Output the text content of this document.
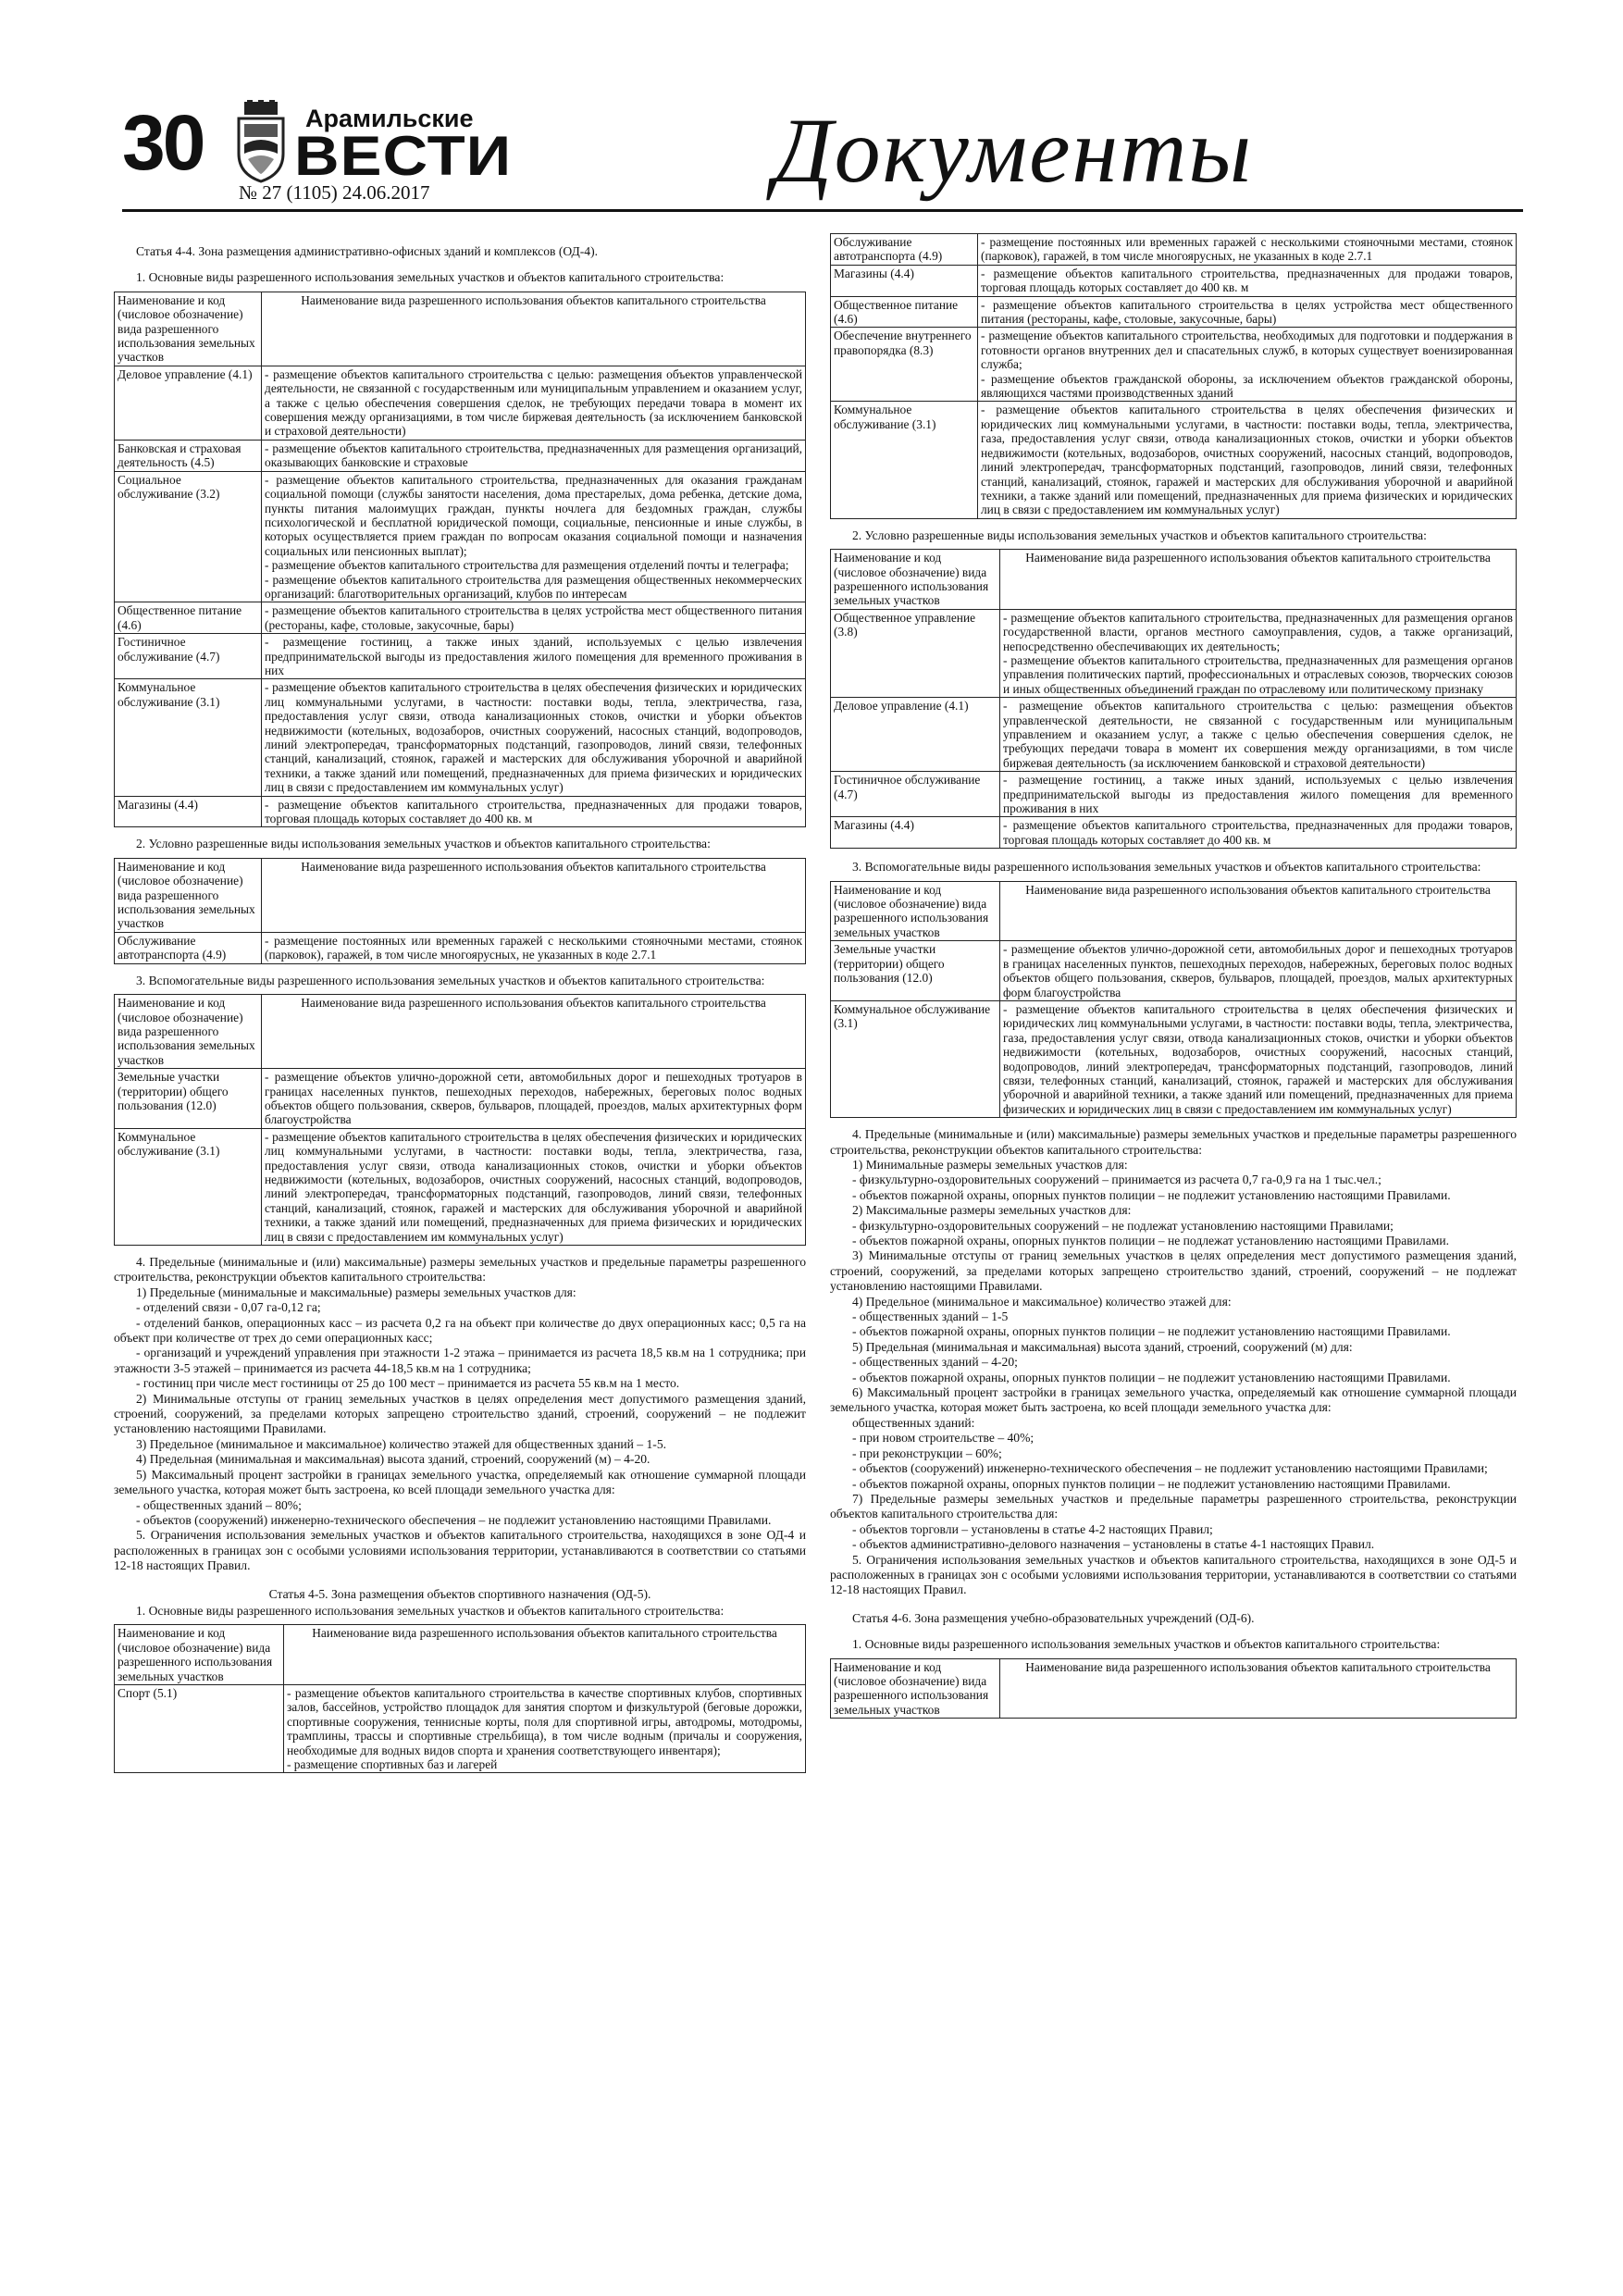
30	Арамильские
ВЕСТИ
№ 27 (1105) 24.06.2017	Документы

Статья 4-4. Зона размещения административно-офисных зданий и комплексов (ОД-4).

1. Основные виды разрешенного использования земельных участков и объектов капитального строительства:

Наименование и код (числовое обозначение) вида разрешенного использования земельных участков	Наименование вида разрешенного использования объектов капитального строительства
Деловое управление (4.1)	- размещение объектов капитального строительства с целью: размещения объектов управленческой деятельности, не связанной с государственным или муниципальным управлением и оказанием услуг, а также с целью обеспечения совершения сделок, не требующих передачи товара в момент их совершения между организациями, в том числе биржевая деятельность (за исключением банковской и страховой деятельности)
Банковская и страховая деятельность (4.5)	- размещение объектов капитального строительства, предназначенных для размещения организаций, оказывающих банковские и страховые
Социальное обслуживание (3.2)	- размещение объектов капитального строительства, предназначенных для оказания гражданам социальной помощи (службы занятости населения, дома престарелых, дома ребенка, детские дома, пункты питания малоимущих граждан, пункты ночлега для бездомных граждан, службы психологической и бесплатной юридической помощи, социальные, пенсионные и иные службы, в которых осуществляется прием граждан по вопросам оказания социальной помощи и назначения социальных или пенсионных выплат);
- размещение объектов капитального строительства для размещения отделений почты и телеграфа;
- размещение объектов капитального строительства для размещения общественных некоммерческих организаций: благотворительных организаций, клубов по интересам
Общественное питание (4.6)	- размещение объектов капитального строительства в целях устройства мест общественного питания (рестораны, кафе, столовые, закусочные, бары)
Гостиничное обслуживание (4.7)	- размещение гостиниц, а также иных зданий, используемых с целью извлечения предпринимательской выгоды из предоставления жилого помещения для временного проживания в них
Коммунальное обслуживание (3.1)	- размещение объектов капитального строительства в целях обеспечения физических и юридических лиц коммунальными услугами, в частности: поставки воды, тепла, электричества, газа, предоставления услуг связи, отвода канализационных стоков, очистки и уборки объектов недвижимости (котельных, водозаборов, очистных сооружений, насосных станций, водопроводов, линий электропередач, трансформаторных подстанций, газопроводов, линий связи, телефонных станций, канализаций, стоянок, гаражей и мастерских для обслуживания уборочной и аварийной техники, а также зданий или помещений, предназначенных для приема физических и юридических лиц в связи с предоставлением им коммунальных услуг)
Магазины (4.4)	- размещение объектов капитального строительства, предназначенных для продажи товаров, торговая площадь которых составляет до 400 кв. м

2. Условно разрешенные виды использования земельных участков и объектов капитального строительства:

Наименование и код (числовое обозначение) вида разрешенного использования земельных участков	Наименование вида разрешенного использования объектов капитального строительства
Обслуживание автотранспорта (4.9)	- размещение постоянных или временных гаражей с несколькими стояночными местами, стоянок (парковок), гаражей, в том числе многоярусных, не указанных в коде 2.7.1

3. Вспомогательные виды разрешенного использования земельных участков и объектов капитального строительства:

Наименование и код (числовое обозначение) вида разрешенного использования земельных участков	Наименование вида разрешенного использования объектов капитального строительства
Земельные участки (территории) общего пользования (12.0)	- размещение объектов улично-дорожной сети, автомобильных дорог и пешеходных тротуаров в границах населенных пунктов, пешеходных переходов, набережных, береговых полос водных объектов общего пользования, скверов, бульваров, площадей, проездов, малых архитектурных форм благоустройства
Коммунальное обслуживание (3.1)	- размещение объектов капитального строительства в целях обеспечения физических и юридических лиц коммунальными услугами, в частности: поставки воды, тепла, электричества, газа, предоставления услуг связи, отвода канализационных стоков, очистки и уборки объектов недвижимости (котельных, водозаборов, очистных сооружений, насосных станций, водопроводов, линий электропередач, трансформаторных подстанций, газопроводов, линий связи, телефонных станций, канализаций, стоянок, гаражей и мастерских для обслуживания уборочной и аварийной техники, а также зданий или помещений, предназначенных для приема физических и юридических лиц в связи с предоставлением им коммунальных услуг)

4. Предельные (минимальные и (или) максимальные) размеры земельных участков и предельные параметры разрешенного строительства, реконструкции объектов капитального строительства:

1) Предельные (минимальные и максимальные) размеры земельных участков для:

- отделений связи - 0,07 га-0,12 га;

- отделений банков, операционных касс – из расчета 0,2 га на объект при количестве до двух операционных касс; 0,5 га на объект при количестве от трех до семи операционных касс;

- организаций и учреждений управления при этажности 1-2 этажа – принимается из расчета 18,5 кв.м на 1 сотрудника; при этажности 3-5 этажей – принимается из расчета 44-18,5 кв.м на 1 сотрудника;

- гостиниц при числе мест гостиницы от 25 до 100 мест – принимается из расчета 55 кв.м на 1 место.

2) Минимальные отступы от границ земельных участков в целях определения мест допустимого размещения зданий, строений, сооружений, за пределами которых запрещено строительство зданий, строений, сооружений – не подлежит установлению настоящими Правилами.

3) Предельное (минимальное и максимальное) количество этажей для общественных зданий – 1-5.

4) Предельная (минимальная и максимальная) высота зданий, строений, сооружений (м) – 4-20.

5) Максимальный процент застройки в границах земельного участка, определяемый как отношение суммарной площади земельного участка, которая может быть застроена, ко всей площади земельного участка для:

- общественных зданий – 80%;

- объектов (сооружений) инженерно-технического обеспечения – не подлежит установлению настоящими Правилами.

5. Ограничения использования земельных участков и объектов капитального строительства, находящихся в зоне ОД-4 и расположенных в границах зон с особыми условиями использования территории, устанавливаются в соответствии со статьями 12-18 настоящих Правил.

Статья 4-5. Зона размещения объектов спортивного назначения (ОД-5).

1. Основные виды разрешенного использования земельных участков и объектов капитального строительства:

Наименование и код (числовое обозначение) вида разрешенного использования земельных участков	Наименование вида разрешенного использования объектов капитального строительства
Спорт (5.1)	- размещение объектов капитального строительства в качестве спортивных клубов, спортивных залов, бассейнов, устройство площадок для занятия спортом и физкультурой (беговые дорожки, спортивные сооружения, теннисные корты, поля для спортивной игры, автодромы, мотодромы, трамплины, трассы и спортивные стрельбища), в том числе водным (причалы и сооружения, необходимые для водных видов спорта и хранения соответствующего инвентаря);
- размещение спортивных баз и лагерей
Обслуживание автотранспорта (4.9)	- размещение постоянных или временных гаражей с несколькими стояночными местами, стоянок (парковок), гаражей, в том числе многоярусных, не указанных в коде 2.7.1
Магазины (4.4)	- размещение объектов капитального строительства, предназначенных для продажи товаров, торговая площадь которых составляет до 400 кв. м
Общественное питание (4.6)	- размещение объектов капитального строительства в целях устройства мест общественного питания (рестораны, кафе, столовые, закусочные, бары)
Обеспечение внутреннего правопорядка (8.3)	- размещение объектов капитального строительства, необходимых для подготовки и поддержания в готовности органов внутренних дел и спасательных служб, в которых существует военизированная служба;
- размещение объектов гражданской обороны, за исключением объектов гражданской обороны, являющихся частями производственных зданий
Коммунальное обслуживание (3.1)	- размещение объектов капитального строительства в целях обеспечения физических и юридических лиц коммунальными услугами, в частности: поставки воды, тепла, электричества, газа, предоставления услуг связи, отвода канализационных стоков, очистки и уборки объектов недвижимости (котельных, водозаборов, очистных сооружений, насосных станций, водопроводов, линий электропередач, трансформаторных подстанций, газопроводов, линий связи, телефонных станций, канализаций, стоянок, гаражей и мастерских для обслуживания уборочной и аварийной техники, а также зданий или помещений, предназначенных для приема физических и юридических лиц в связи с предоставлением им коммунальных услуг)

2. Условно разрешенные виды использования земельных участков и объектов капитального строительства:

Наименование и код (числовое обозначение) вида разрешенного использования земельных участков	Наименование вида разрешенного использования объектов капитального строительства
Общественное управление (3.8)	- размещение объектов капитального строительства, предназначенных для размещения органов государственной власти, органов местного самоуправления, судов, а также организаций, непосредственно обеспечивающих их деятельность;
- размещение объектов капитального строительства, предназначенных для размещения органов управления политических партий, профессиональных и отраслевых союзов, творческих союзов и иных общественных объединений граждан по отраслевому или политическому признаку
Деловое управление (4.1)	- размещение объектов капитального строительства с целью: размещения объектов управленческой деятельности, не связанной с государственным или муниципальным управлением и оказанием услуг, а также с целью обеспечения совершения сделок, не требующих передачи товара в момент их совершения между организациями, в том числе биржевая деятельность (за исключением банковской и страховой деятельности)
Гостиничное обслуживание (4.7)	- размещение гостиниц, а также иных зданий, используемых с целью извлечения предпринимательской выгоды из предоставления жилого помещения для временного проживания в них
Магазины (4.4)	- размещение объектов капитального строительства, предназначенных для продажи товаров, торговая площадь которых составляет до 400 кв. м

3. Вспомогательные виды разрешенного использования земельных участков и объектов капитального строительства:

Наименование и код (числовое обозначение) вида разрешенного использования земельных участков	Наименование вида разрешенного использования объектов капитального строительства
Земельные участки (территории) общего пользования (12.0)	- размещение объектов улично-дорожной сети, автомобильных дорог и пешеходных тротуаров в границах населенных пунктов, пешеходных переходов, набережных, береговых полос водных объектов общего пользования, скверов, бульваров, площадей, проездов, малых архитектурных форм благоустройства
Коммунальное обслуживание (3.1)	- размещение объектов капитального строительства в целях обеспечения физических и юридических лиц коммунальными услугами, в частности: поставки воды, тепла, электричества, газа, предоставления услуг связи, отвода канализационных стоков, очистки и уборки объектов недвижимости (котельных, водозаборов, очистных сооружений, насосных станций, водопроводов, линий электропередач, трансформаторных подстанций, газопроводов, линий связи, телефонных станций, канализаций, стоянок, гаражей и мастерских для обслуживания уборочной и аварийной техники, а также зданий или помещений, предназначенных для приема физических и юридических лиц в связи с предоставлением им коммунальных услуг)

4. Предельные (минимальные и (или) максимальные) размеры земельных участков и предельные параметры разрешенного строительства, реконструкции объектов капитального строительства:

1) Минимальные размеры земельных участков для:

- физкультурно-оздоровительных сооружений – принимается из расчета 0,7 га-0,9 га на 1 тыс.чел.;

- объектов пожарной охраны, опорных пунктов полиции – не подлежит установлению настоящими Правилами.

2) Максимальные размеры земельных участков для:

- физкультурно-оздоровительных сооружений – не подлежат установлению настоящими Правилами;

- объектов пожарной охраны, опорных пунктов полиции – не подлежат установлению настоящими Правилами.

3) Минимальные отступы от границ земельных участков в целях определения мест допустимого размещения зданий, строений, сооружений, за пределами которых запрещено строительство зданий, строений, сооружений – не подлежат установлению настоящими Правилами.

4) Предельное (минимальное и максимальное) количество этажей для:

- общественных зданий – 1-5

- объектов пожарной охраны, опорных пунктов полиции – не подлежит установлению настоящими Правилами.

5) Предельная (минимальная и максимальная) высота зданий, строений, сооружений (м) для:

- общественных зданий – 4-20;

- объектов пожарной охраны, опорных пунктов полиции – не подлежит установлению настоящими Правилами.

6) Максимальный процент застройки в границах земельного участка, определяемый как отношение суммарной площади земельного участка, которая может быть застроена, ко всей площади земельного участка для:

общественных зданий:

- при новом строительстве – 40%;

- при реконструкции – 60%;

- объектов (сооружений) инженерно-технического обеспечения – не подлежит установлению настоящими Правилами;

- объектов пожарной охраны, опорных пунктов полиции – не подлежит установлению настоящими Правилами.

7) Предельные размеры земельных участков и предельные параметры разрешенного строительства, реконструкции объектов капитального строительства для:

- объектов торговли – установлены в статье 4-2 настоящих Правил;

- объектов административно-делового назначения – установлены в статье 4-1 настоящих Правил.

5. Ограничения использования земельных участков и объектов капитального строительства, находящихся в зоне ОД-5 и расположенных в границах зон с особыми условиями использования территории, устанавливаются в соответствии со статьями 12-18 настоящих Правил.

Статья 4-6. Зона размещения учебно-образовательных учреждений (ОД-6).

1. Основные виды разрешенного использования земельных участков и объектов капитального строительства:

Наименование и код (числовое обозначение) вида разрешенного использования земельных участков	Наименование вида разрешенного использования объектов капитального строительства
